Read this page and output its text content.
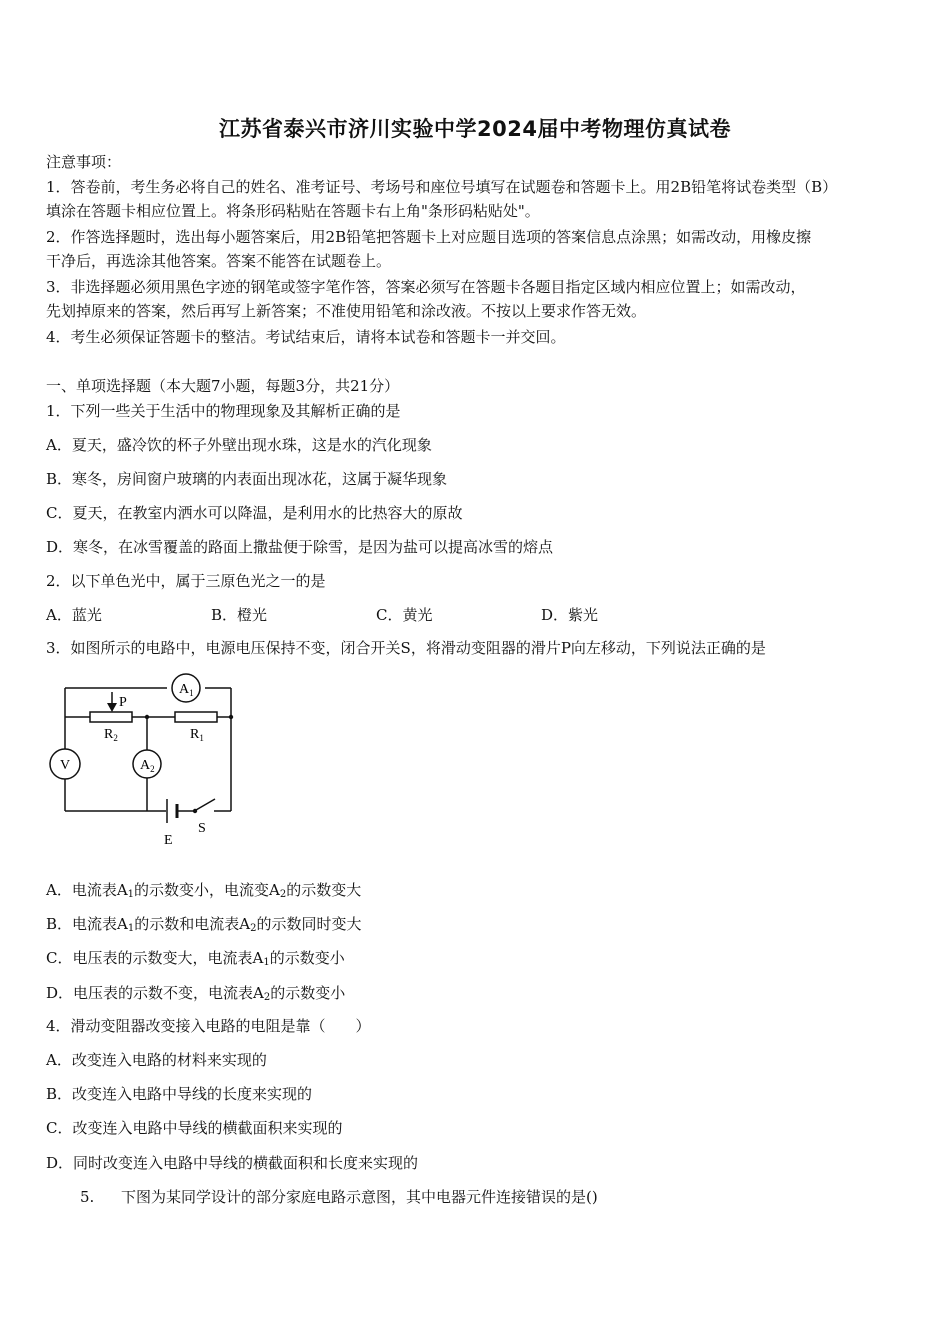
江苏省泰兴市济川实验中学2024届中考物理仿真试卷
注意事项：
1．答卷前，考生务必将自己的姓名、准考证号、考场号和座位号填写在试题卷和答题卡上。用2B铅笔将试卷类型（B）
填涂在答题卡相应位置上。将条形码粘贴在答题卡右上角"条形码粘贴处"。
2．作答选择题时，选出每小题答案后，用2B铅笔把答题卡上对应题目选项的答案信息点涂黑；如需改动，用橡皮擦
干净后，再选涂其他答案。答案不能答在试题卷上。
3．非选择题必须用黑色字迹的钢笔或签字笔作答，答案必须写在答题卡各题目指定区域内相应位置上；如需改动，
先划掉原来的答案，然后再写上新答案；不准使用铅笔和涂改液。不按以上要求作答无效。
4．考生必须保证答题卡的整洁。考试结束后，请将本试卷和答题卡一并交回。
一、单项选择题（本大题7小题，每题3分，共21分）
1．下列一些关于生活中的物理现象及其解析正确的是
A．夏天，盛冷饮的杯子外壁出现水珠，这是水的汽化现象
B．寒冬，房间窗户玻璃的内表面出现冰花，这属于凝华现象
C．夏天，在教室内洒水可以降温，是利用水的比热容大的原故
D．寒冬，在冰雪覆盖的路面上撒盐便于除雪，是因为盐可以提高冰雪的熔点
2．以下单色光中，属于三原色光之一的是
A．蓝光	B．橙光	C．黄光	D．紫光
3．如图所示的电路中，电源电压保持不变，闭合开关S，将滑动变阻器的滑片P向左移动，下列说法正确的是
$A_1$
$A_2$
V
P
$R_2$	$R_1$
E
S
A．电流表$A_1$的示数变小，电流变$A_2$的示数变大
B．电流表$A_1$的示数和电流表$A_2$的示数同时变大
C．电压表的示数变大，电流表$A_1$的示数变小
D．电压表的示数不变，电流表$A_2$的示数变小
4．滑动变阻器改变接入电路的电阻是靠（　　）
A．改变连入电路的材料来实现的
B．改变连入电路中导线的长度来实现的
C．改变连入电路中导线的横截面积来实现的
D．同时改变连入电路中导线的横截面积和长度来实现的
5. 下图为某同学设计的部分家庭电路示意图，其中电器元件连接错误的是()
